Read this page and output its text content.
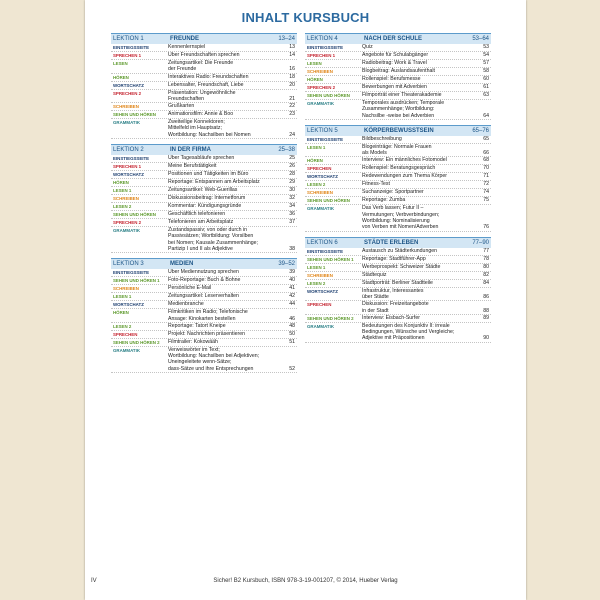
INHALT KURSBUCH
LEKTION 1	FREUNDE	13–24
EINSTIEGSSEITE	Kennenlernspiel	13
SPRECHEN 1	Über Freundschaften sprechen	14
LESEN	Zeitungsartikel: Die Freunde
der Freunde	16
HÖREN	Interaktives Radio: Freundschaften	18
WORTSCHATZ	Lebensalter, Freundschaft, Liebe	20
SPRECHEN 2	Präsentation: Ungewöhnliche
Freundschaften	21
SCHREIBEN	Grußkarten	22
SEHEN UND HÖREN	Animationsfilm: Annie & Boo	23
GRAMMATIK	Zweiteilige Konnektoren;
Mittelfeld im Hauptsatz;
Wortbildung: Nachsilben bei Nomen	24
LEKTION 2	IN DER FIRMA	25–38
EINSTIEGSSEITE	Über Tagesabläufe sprechen	25
SPRECHEN 1	Meine Berufstätigkeit	26
WORTSCHATZ	Positionen und Tätigkeiten im Büro	28
HÖREN	Reportage: Entspannen am Arbeitsplatz	29
LESEN 1	Zeitungsartikel: Web-Guerillas	30
SCHREIBEN	Diskussionsbeitrag: Internetforum	32
LESEN 2	Kommentar: Kündigungsgründe	34
SEHEN UND HÖREN	Geschäftlich telefonieren	36
SPRECHEN 2	Telefonieren am Arbeitsplatz	37
GRAMMATIK	Zustandspassiv; von oder durch in
Passivsätzen; Wortbildung: Vorsilben
bei Nomen; Kausale Zusammenhänge;
Partizip I und II als Adjektive	38
LEKTION 3	MEDIEN	39–52
EINSTIEGSSEITE	Über Mediennutzung sprechen	39
SEHEN UND HÖREN 1	Foto-Reportage: Buch & Bohne	40
SCHREIBEN	Persönliche E-Mail	41
LESEN 1	Zeitungsartikel: Leserverhalten	42
WORTSCHATZ	Medienbranche	44
HÖREN	Filmkritiken im Radio; Telefonische
Ansage: Kinokarten bestellen	46
LESEN 2	Reportage: Tatort Kneipe	48
SPRECHEN	Projekt: Nachrichten präsentieren	50
SEHEN UND HÖREN 2	Filmtrailer: Kokowääh	51
GRAMMATIK	Verweiswörter im Text;
Wortbildung: Nachsilben bei Adjektiven;
Uneingeleitete wenn-Sätze;
dass-Sätze und ihre Entsprechungen	52
LEKTION 4	NACH DER SCHULE	53–64
EINSTIEGSSEITE	Quiz	53
SPRECHEN 1	Angebote für Schulabgänger	54
LESEN	Radiobeitrag: Work & Travel	57
SCHREIBEN	Blogbeitrag: Auslandsaufenthalt	58
HÖREN	Rollenspiel: Berufsmesse	60
SPRECHEN 2	Bewerbungen mit Adverbien	61
SEHEN UND HÖREN	Filmporträt einer Theaterakademie	63
GRAMMATIK	Temporales ausdrücken; Temporale
Zusammenhänge; Wortbildung:
Nachsilbe -weise bei Adverbien	64
LEKTION 5	KÖRPERBEWUSSTSEIN	65–76
EINSTIEGSSEITE	Bildbeschreibung	65
LESEN 1	Blogeinträge: Normale Frauen
als Models	66
HÖREN	Interview: Ein männliches Fotomodel	68
SPRECHEN	Rollenspiel: Beratungsgespräch	70
WORTSCHATZ	Redewendungen zum Thema Körper	71
LESEN 2	Fitness-Test	72
SCHREIBEN	Suchanzeige: Sportpartner	74
SEHEN UND HÖREN	Reportage: Zumba	75
GRAMMATIK	Das Verb lassen; Futur II –
Vermutungen; Verbverbindungen;
Wortbildung: Nominalisierung
von Verben mit Nomen/Adverben	76
LEKTION 6	STÄDTE ERLEBEN	77–90
EINSTIEGSSEITE	Austausch zu Städterkundungen	77
SEHEN UND HÖREN 1	Reportage: Stadtführer-App	78
LESEN 1	Werbeprospekt: Schweizer Städte	80
SCHREIBEN	Städtequiz	82
LESEN 2	Stadtporträt: Berliner Stadtteile	84
WORTSCHATZ	Infrastruktur, Interessantes
über Städte	86
SPRECHEN	Diskussion: Freizeitangebote
in der Stadt	88
SEHEN UND HÖREN 2	Interview: Eisbach-Surfer	89
GRAMMATIK	Bedeutungen des Konjunktiv II: irreale
Bedingungen, Wünsche und Vergleiche;
Adjektive mit Präpositionen	90
IV	Sicher! B2 Kursbuch, ISBN 978-3-19-001207, © 2014, Hueber Verlag
